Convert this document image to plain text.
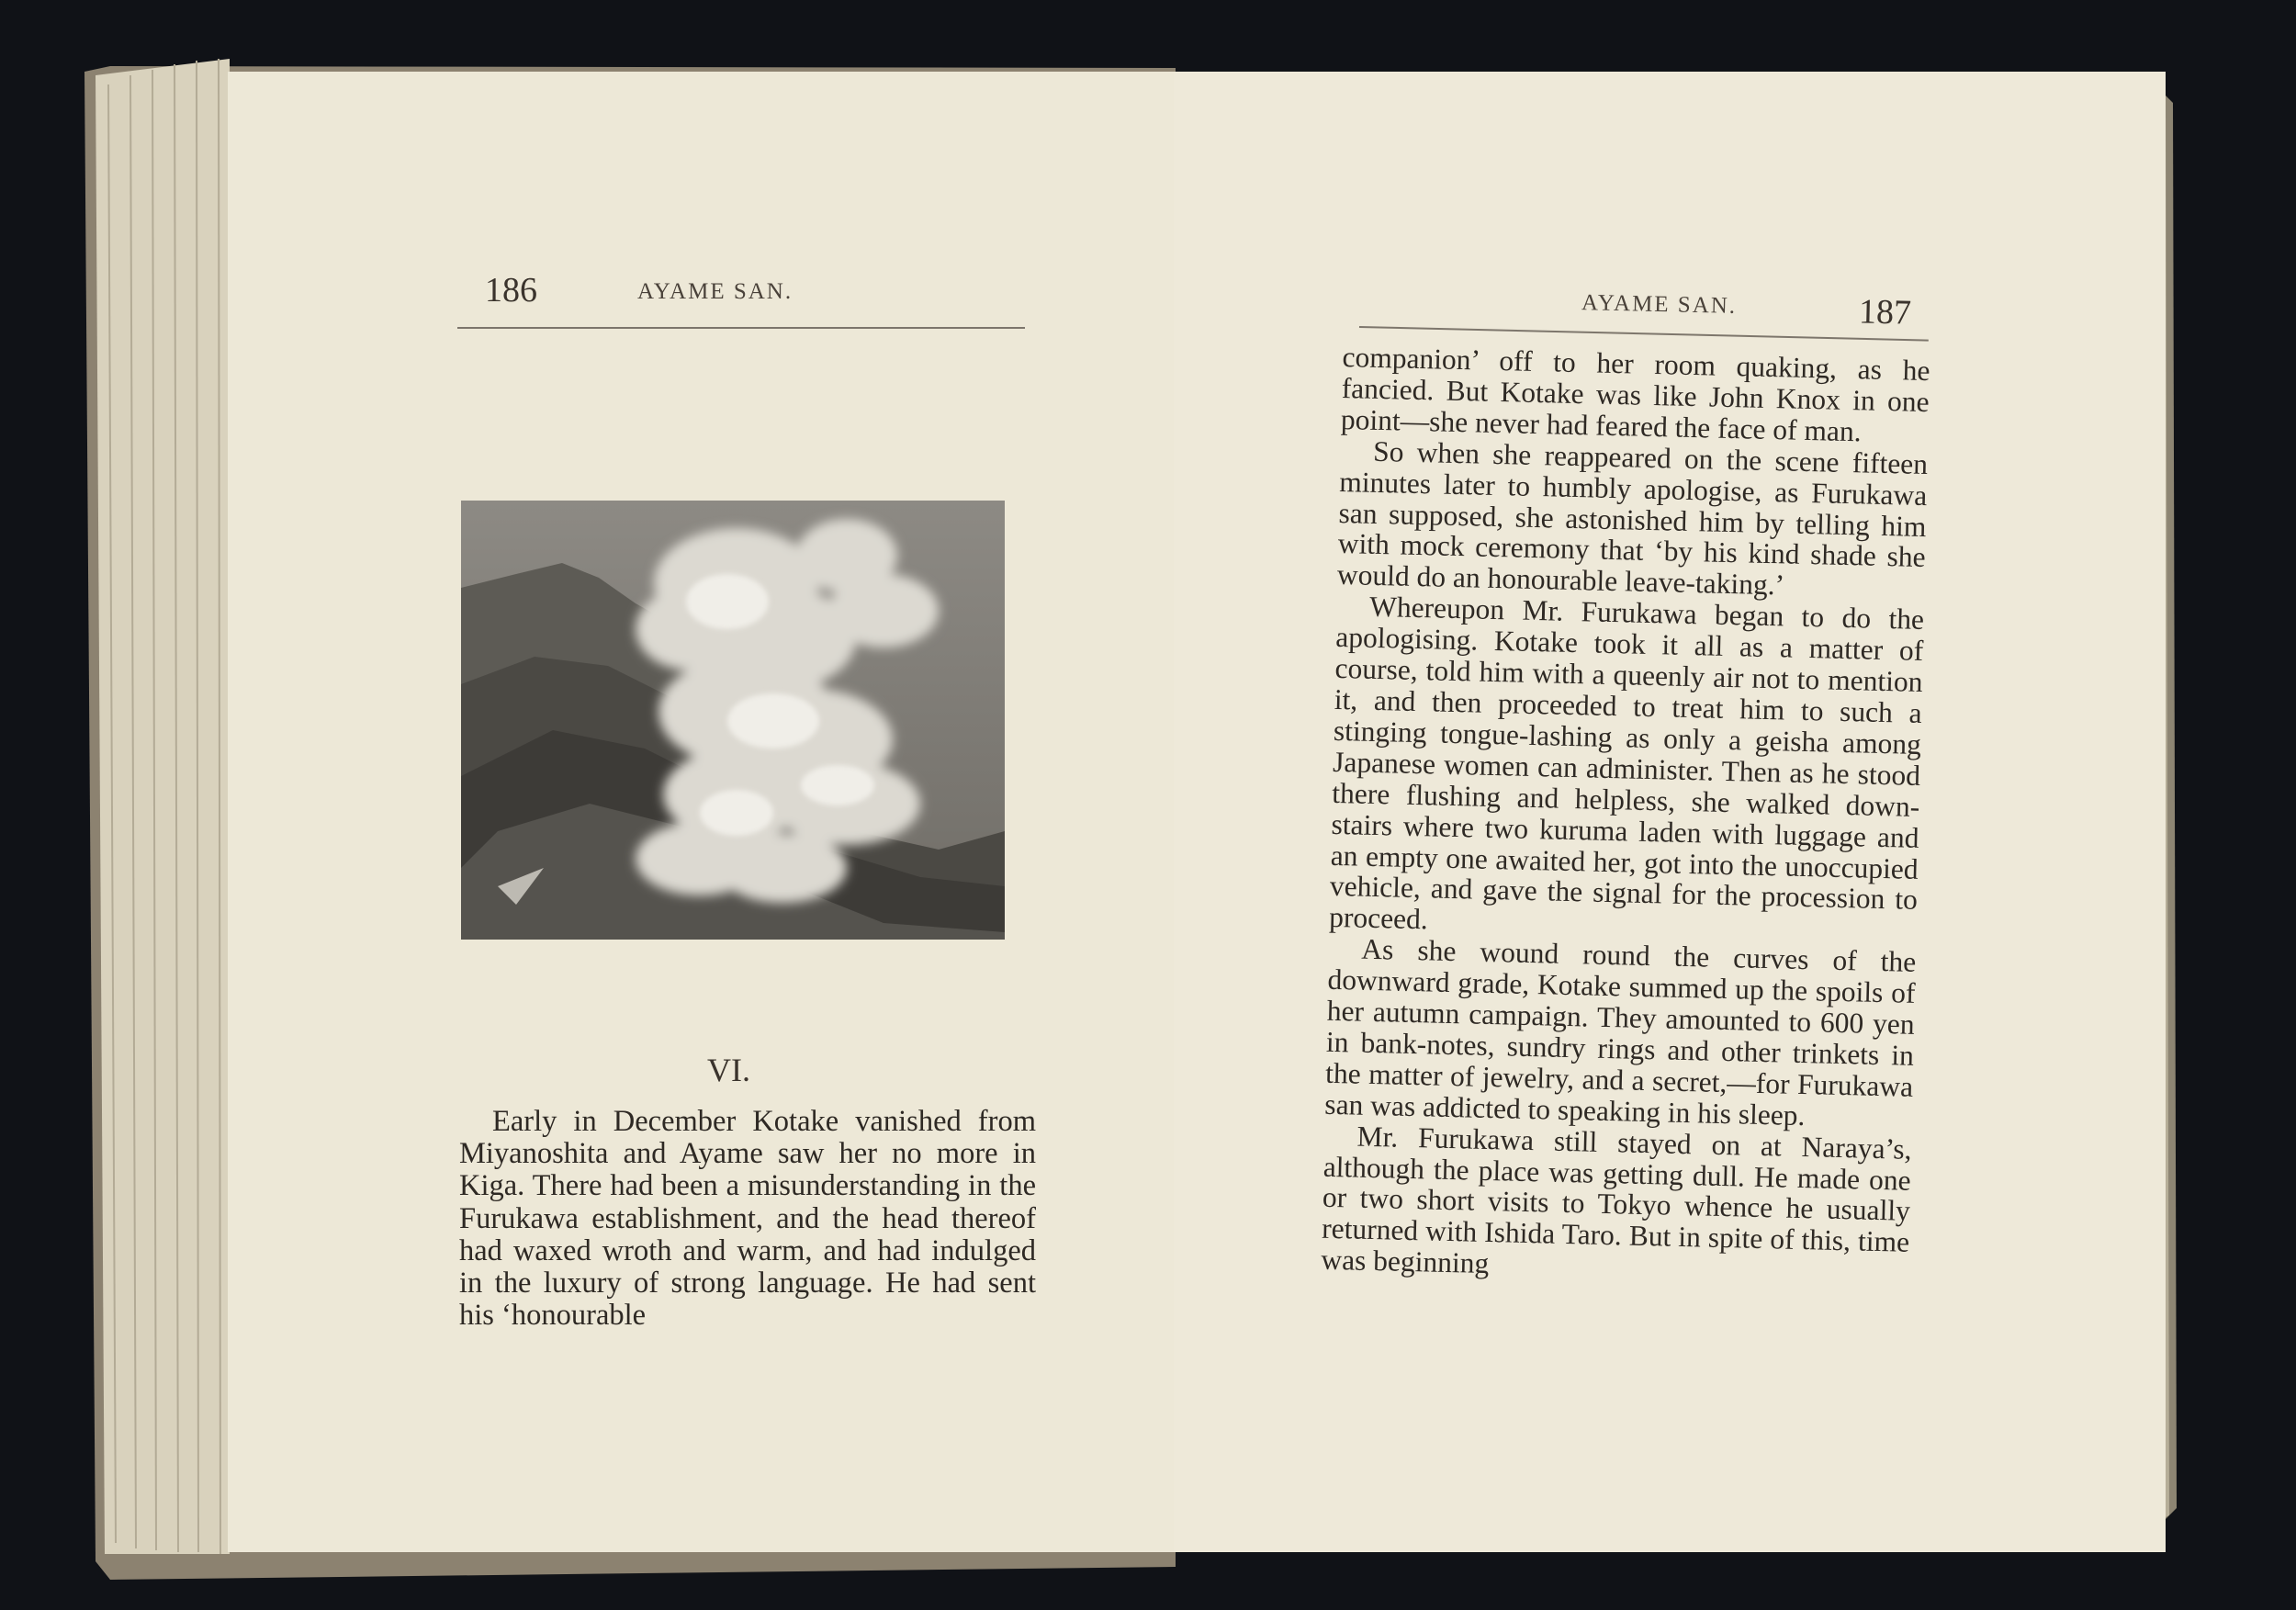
186	AYAME SAN.
VI.

Early in December Kotake vanished from Miyanoshita and Ayame saw her no more in Kiga. There had been a misunderstanding in the Furukawa establishment, and the head thereof had waxed wroth and warm, and had indulged in the luxury of strong language. He had sent his ‘honourable

AYAME SAN.	187

companion’ off to her room quaking, as he fancied. But Kotake was like John Knox in one point—she never had feared the face of man.

So when she reappeared on the scene fifteen minutes later to humbly apologise, as Furukawa san supposed, she astonished him by telling him with mock ceremony that ‘by his kind shade she would do an honourable leave-taking.’

Whereupon Mr. Furukawa began to do the apologising. Kotake took it all as a matter of course, told him with a queenly air not to mention it, and then proceeded to treat him to such a stinging tongue-lashing as only a geisha among Japanese women can administer. Then as he stood there flushing and helpless, she walked down-stairs where two kuruma laden with luggage and an empty one awaited her, got into the unoccupied vehicle, and gave the signal for the procession to proceed.

As she wound round the curves of the downward grade, Kotake summed up the spoils of her autumn campaign. They amounted to 600 yen in bank-notes, sundry rings and other trinkets in the matter of jewelry, and a secret,—for Furukawa san was addicted to speaking in his sleep.

Mr. Furukawa still stayed on at Naraya’s, although the place was getting dull. He made one or two short visits to Tokyo whence he usually returned with Ishida Taro. But in spite of this, time was beginning
